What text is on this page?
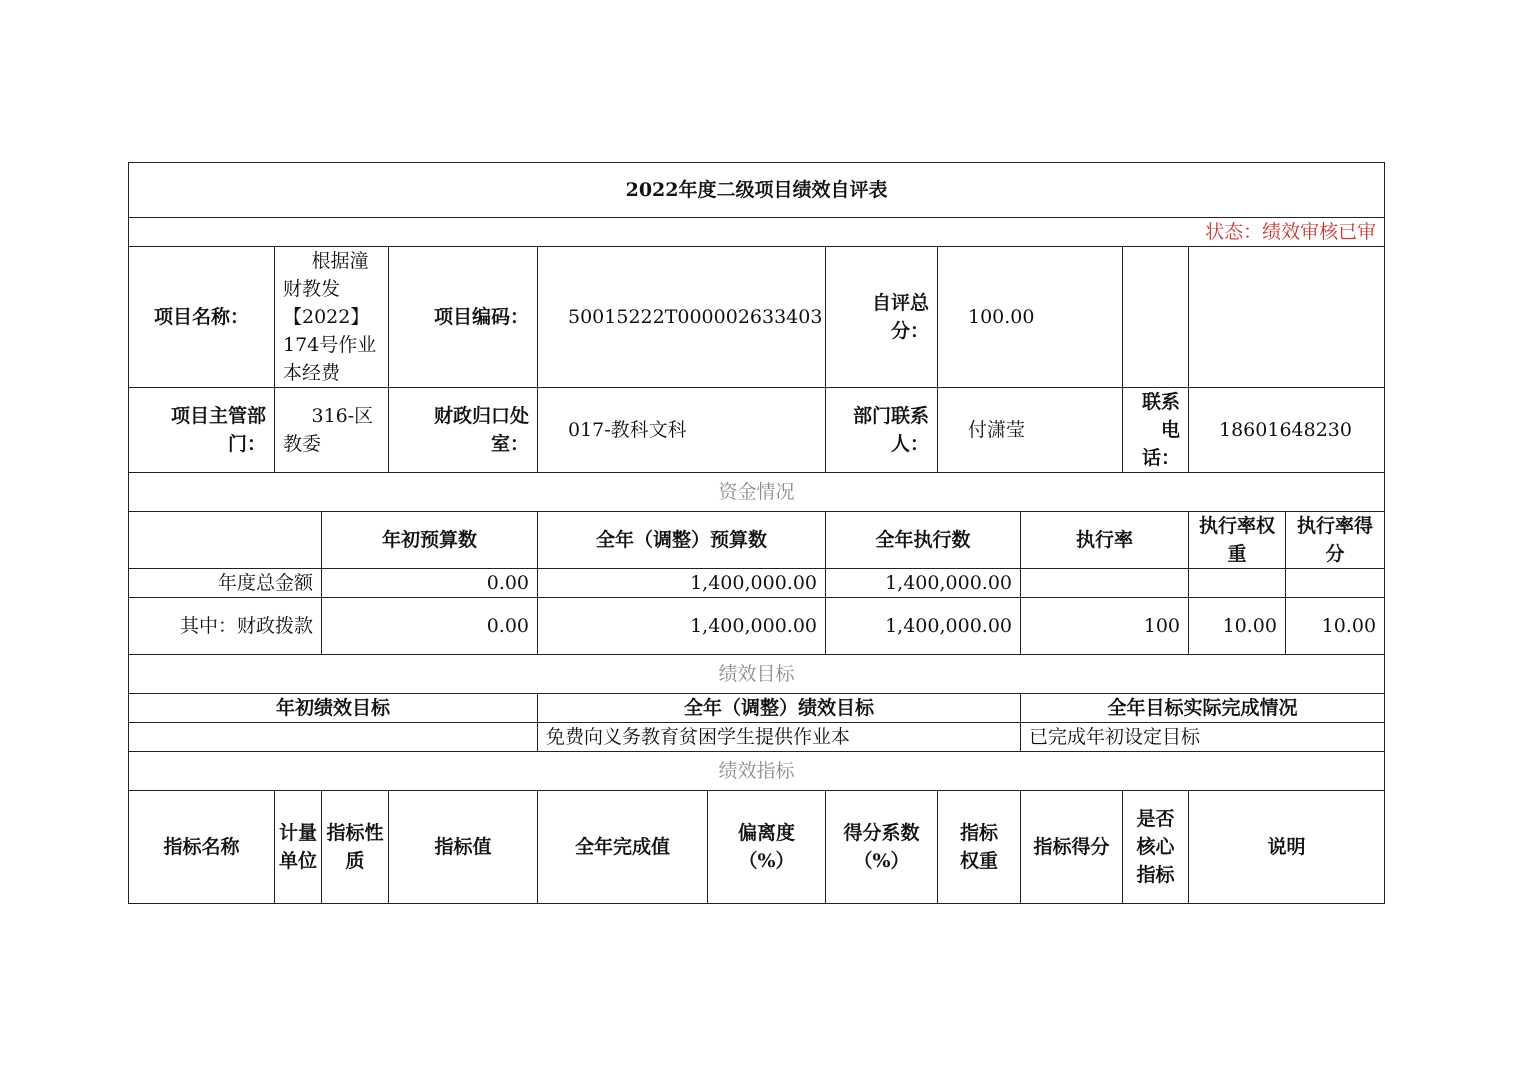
2022年度二级项目绩效自评表											
状态：绩效审核已审											
项目名称：	根据潼财教发【2022】174号作业本经费		项目编码：	50015222T000002633403		自评总分：	100.00				
项目主管部门：	316-区教委		财政归口处室：	017-教科文科		部门联系人：	付潇莹		联系电话：	18601648230	
资金情况											
		年初预算数		全年（调整）预算数		全年执行数		执行率		执行率权重	执行率得分
年度总金额		0.00		1,400,000.00		1,400,000.00					
其中：财政拨款		0.00		1,400,000.00		1,400,000.00		100		10.00	10.00
绩效目标											
年初绩效目标				全年（调整）绩效目标				全年目标实际完成情况			
				免费向义务教育贫困学生提供作业本				已完成年初设定目标			
绩效指标											
指标名称	计量单位	指标性质	指标值	全年完成值	偏离度（%）	得分系数（%）	指标权重	指标得分	是否核心指标	说明	
